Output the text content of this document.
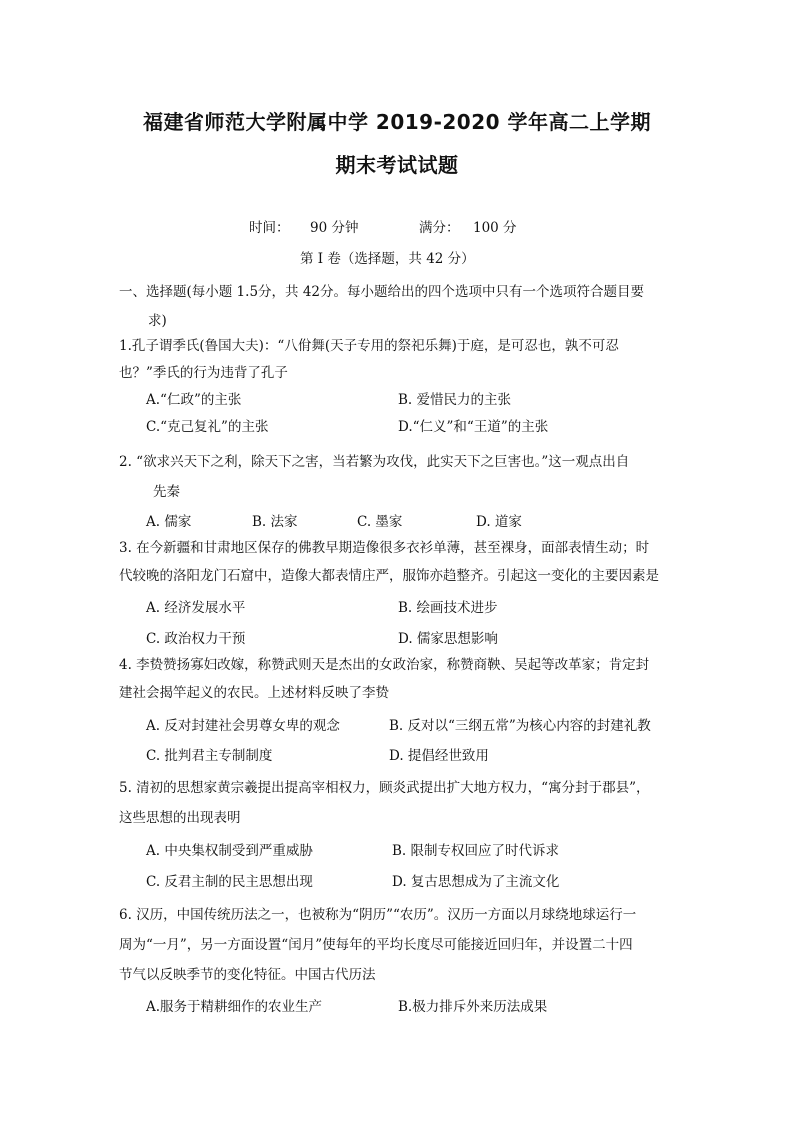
福建省师范大学附属中学 2019-2020 学年高二上学期
期末考试试题
时间： 90 分钟	满分： 100 分
第 I 卷（选择题，共 42 分）
一、选择题(每小题 1.5分，共 42分。每小题给出的四个选项中只有一个选项符合题目要
求)
1.孔子谓季氏(鲁国大夫)：“八佾舞(天子专用的祭祀乐舞)于庭，是可忍也，孰不可忍
也？”季氏的行为违背了孔子
A.“仁政”的主张	B. 爱惜民力的主张
C.“克己复礼”的主张	D.“仁义”和“王道”的主张
2. “欲求兴天下之利，除天下之害，当若繁为攻伐，此实天下之巨害也。”这一观点出自
先秦
A. 儒家	B. 法家	C. 墨家	D. 道家
3. 在今新疆和甘肃地区保存的佛教早期造像很多衣衫单薄，甚至裸身，面部表情生动；时
代较晚的洛阳龙门石窟中，造像大都表情庄严，服饰亦趋整齐。引起这一变化的主要因素是
A. 经济发展水平	B. 绘画技术进步
C. 政治权力干预	D. 儒家思想影响
4. 李贽赞扬寡妇改嫁，称赞武则天是杰出的女政治家，称赞商鞅、吴起等改革家；肯定封
建社会揭竿起义的农民。上述材料反映了李贽
A. 反对封建社会男尊女卑的观念	B. 反对以“三纲五常”为核心内容的封建礼教
C. 批判君主专制制度	D. 提倡经世致用
5. 清初的思想家黄宗羲提出提高宰相权力，顾炎武提出扩大地方权力，“寓分封于郡县”，
这些思想的出现表明
A. 中央集权制受到严重威胁	B. 限制专权回应了时代诉求
C. 反君主制的民主思想出现	D. 复古思想成为了主流文化
6. 汉历，中国传统历法之一，也被称为“阴历”“农历”。汉历一方面以月球绕地球运行一
周为“一月”，另一方面设置“闰月”使每年的平均长度尽可能接近回归年，并设置二十四
节气以反映季节的变化特征。中国古代历法
A.服务于精耕细作的农业生产	B.极力排斥外来历法成果
